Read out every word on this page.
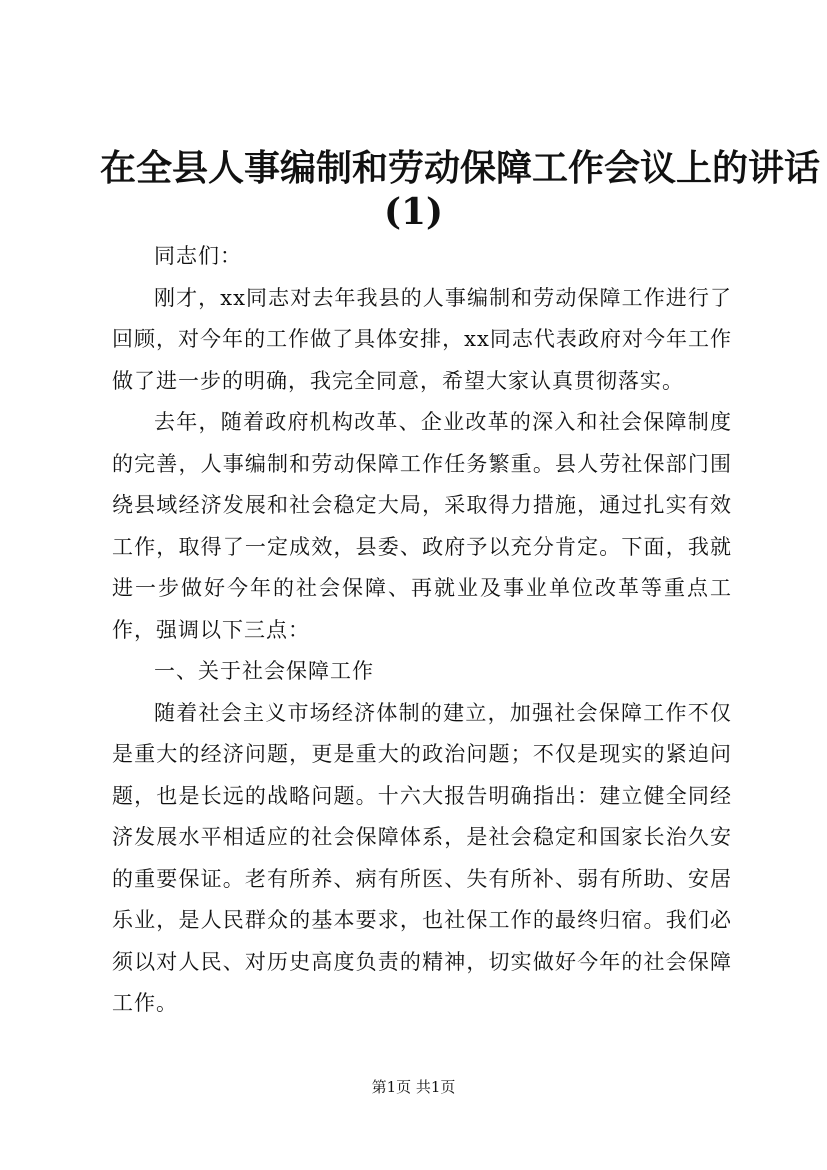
在全县人事编制和劳动保障工作会议上的讲话
(1)

同志们：

刚才，xx同志对去年我县的人事编制和劳动保障工作进行了回顾，对今年的工作做了具体安排，xx同志代表政府对今年工作做了进一步的明确，我完全同意，希望大家认真贯彻落实。

去年，随着政府机构改革、企业改革的深入和社会保障制度的完善，人事编制和劳动保障工作任务繁重。县人劳社保部门围绕县域经济发展和社会稳定大局，采取得力措施，通过扎实有效工作，取得了一定成效，县委、政府予以充分肯定。下面，我就进一步做好今年的社会保障、再就业及事业单位改革等重点工作，强调以下三点：

一、关于社会保障工作

随着社会主义市场经济体制的建立，加强社会保障工作不仅是重大的经济问题，更是重大的政治问题；不仅是现实的紧迫问题，也是长远的战略问题。十六大报告明确指出：建立健全同经济发展水平相适应的社会保障体系，是社会稳定和国家长治久安的重要保证。老有所养、病有所医、失有所补、弱有所助、安居乐业，是人民群众的基本要求，也社保工作的最终归宿。我们必须以对人民、对历史高度负责的精神，切实做好今年的社会保障工作。

第1页 共1页
